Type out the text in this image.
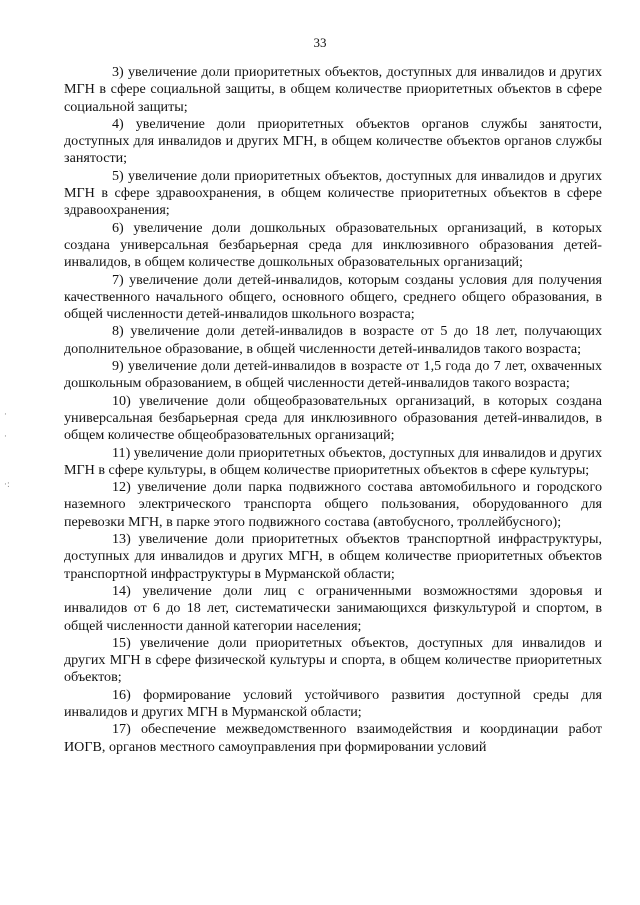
33
·
·
·:

3) увеличение доли приоритетных объектов, доступных для инвалидов и других МГН в сфере социальной защиты, в общем количестве приоритетных объектов в сфере социальной защиты;

4) увеличение доли приоритетных объектов органов службы занятости, доступных для инвалидов и других МГН, в общем количестве объектов органов службы занятости;

5) увеличение доли приоритетных объектов, доступных для инвалидов и других МГН в сфере здравоохранения, в общем количестве приоритетных объектов в сфере здравоохранения;

6) увеличение доли дошкольных образовательных организаций, в которых создана универсальная безбарьерная среда для инклюзивного образования детей-инвалидов, в общем количестве дошкольных образовательных организаций;

7) увеличение доли детей-инвалидов, которым созданы условия для получения качественного начального общего, основного общего, среднего общего образования, в общей численности детей-инвалидов школьного возраста;

8) увеличение доли детей-инвалидов в возрасте от 5 до 18 лет, получающих дополнительное образование, в общей численности детей-инвалидов такого возраста;

9) увеличение доли детей-инвалидов в возрасте от 1,5 года до 7 лет, охваченных дошкольным образованием, в общей численности детей-инвалидов такого возраста;

10) увеличение доли общеобразовательных организаций, в которых создана универсальная безбарьерная среда для инклюзивного образования детей-инвалидов, в общем количестве общеобразовательных организаций;

11) увеличение доли приоритетных объектов, доступных для инвалидов и других МГН в сфере культуры, в общем количестве приоритетных объектов в сфере культуры;

12) увеличение доли парка подвижного состава автомобильного и городского наземного электрического транспорта общего пользования, оборудованного для перевозки МГН, в парке этого подвижного состава (автобусного, троллейбусного);

13) увеличение доли приоритетных объектов транспортной инфраструктуры, доступных для инвалидов и других МГН, в общем количестве приоритетных объектов транспортной инфраструктуры в Мурманской области;

14) увеличение доли лиц с ограниченными возможностями здоровья и инвалидов от 6 до 18 лет, систематически занимающихся физкультурой и спортом, в общей численности данной категории населения;

15) увеличение доли приоритетных объектов, доступных для инвалидов и других МГН в сфере физической культуры и спорта, в общем количестве приоритетных объектов;

16) формирование условий устойчивого развития доступной среды для инвалидов и других МГН в Мурманской области;

17) обеспечение межведомственного взаимодействия и координации работ ИОГВ, органов местного самоуправления при формировании условий
